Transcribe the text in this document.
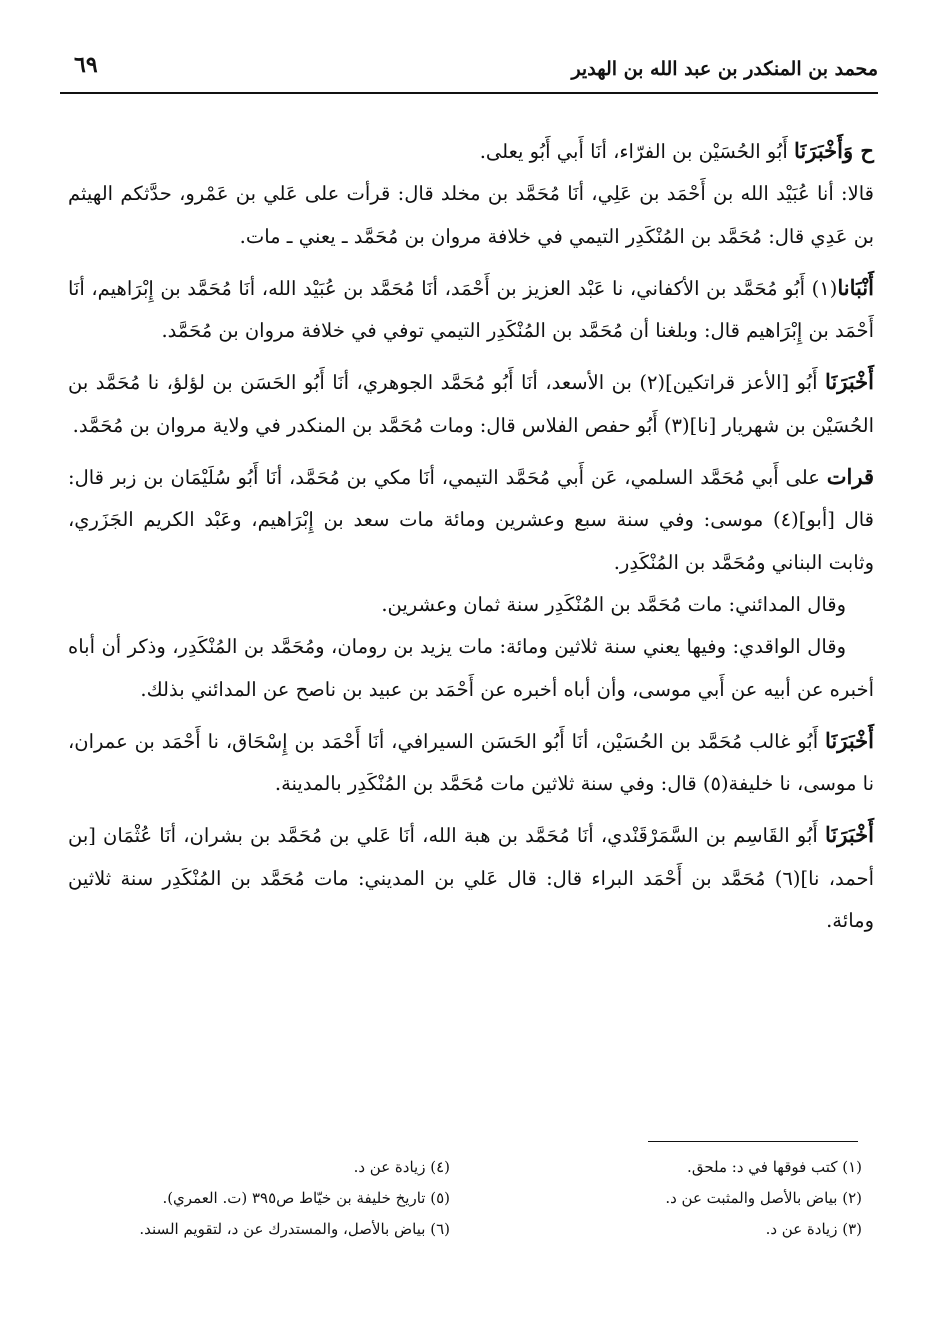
٦٩	محمد بن المنكدر بن عبد الله بن الهدير

ح وَأَخْبَرَنَا أَبُو الحُسَيْن بن الفرّاء، أنَا أَبي أَبُو يعلى.

قالا: أنا عُبَيْد الله بن أَحْمَد بن عَلِي، أنَا مُحَمَّد بن مخلد قال: قرأت على عَلي بن عَمْرو، حدَّثكم الهيثم بن عَدِي قال: مُحَمَّد بن المُنْكَدِر التيمي في خلافة مروان بن مُحَمَّد ـ يعني ـ مات.

أَنْبَانا(١) أَبُو مُحَمَّد بن الأكفاني، نا عَبْد العزيز بن أَحْمَد، أنَا مُحَمَّد بن عُبَيْد الله، أنَا مُحَمَّد بن إِبْرَاهيم، أنَا أَحْمَد بن إِبْرَاهيم قال: وبلغنا أن مُحَمَّد بن المُنْكَدِر التيمي توفي في خلافة مروان بن مُحَمَّد.

أَخْبَرَنَا أَبُو [الأعز قراتكين](٢) بن الأسعد، أنَا أَبُو مُحَمَّد الجوهري، أنَا أَبُو الحَسَن بن لؤلؤ، نا مُحَمَّد بن الحُسَيْن بن شهريار [نا](٣) أَبُو حفص الفلاس قال: ومات مُحَمَّد بن المنكدر في ولاية مروان بن مُحَمَّد.

قرات على أَبي مُحَمَّد السلمي، عَن أَبي مُحَمَّد التيمي، أنَا مكي بن مُحَمَّد، أنَا أَبُو سُلَيْمَان بن زبر قال: قال [أبو](٤) موسى: وفي سنة سبع وعشرين ومائة مات سعد بن إِبْرَاهيم، وعَبْد الكريم الجَزَري، وثابت البناني ومُحَمَّد بن المُنْكَدِر.

وقال المدائني: مات مُحَمَّد بن المُنْكَدِر سنة ثمان وعشرين.

وقال الواقدي: وفيها يعني سنة ثلاثين ومائة: مات يزيد بن رومان، ومُحَمَّد بن المُنْكَدِر، وذكر أن أباه أخبره عن أبيه عن أَبي موسى، وأن أباه أخبره عن أَحْمَد بن عبيد بن ناصح عن المدائني بذلك.

أَخْبَرَنَا أَبُو غالب مُحَمَّد بن الحُسَيْن، أنَا أَبُو الحَسَن السيرافي، أنَا أَحْمَد بن إِسْحَاق، نا أَحْمَد بن عمران، نا موسى، نا خليفة(٥) قال: وفي سنة ثلاثين مات مُحَمَّد بن المُنْكَدِر بالمدينة.

أَخْبَرَنَا أَبُو القَاسِم بن السَّمَرْقَنْدي، أنَا مُحَمَّد بن هبة الله، أنَا عَلي بن مُحَمَّد بن بشران، أنَا عُثْمَان [بن أحمد، نا](٦) مُحَمَّد بن أَحْمَد البراء قال: قال عَلي بن المديني: مات مُحَمَّد بن المُنْكَدِر سنة ثلاثين ومائة.

(١) كتب فوقها في د: ملحق.
(٢) بياض بالأصل والمثبت عن د.
(٣) زيادة عن د.
(٤) زيادة عن د.
(٥) تاريخ خليفة بن خيّاط ص٣٩٥ (ت. العمري).
(٦) بياض بالأصل، والمستدرك عن د، لتقويم السند.
